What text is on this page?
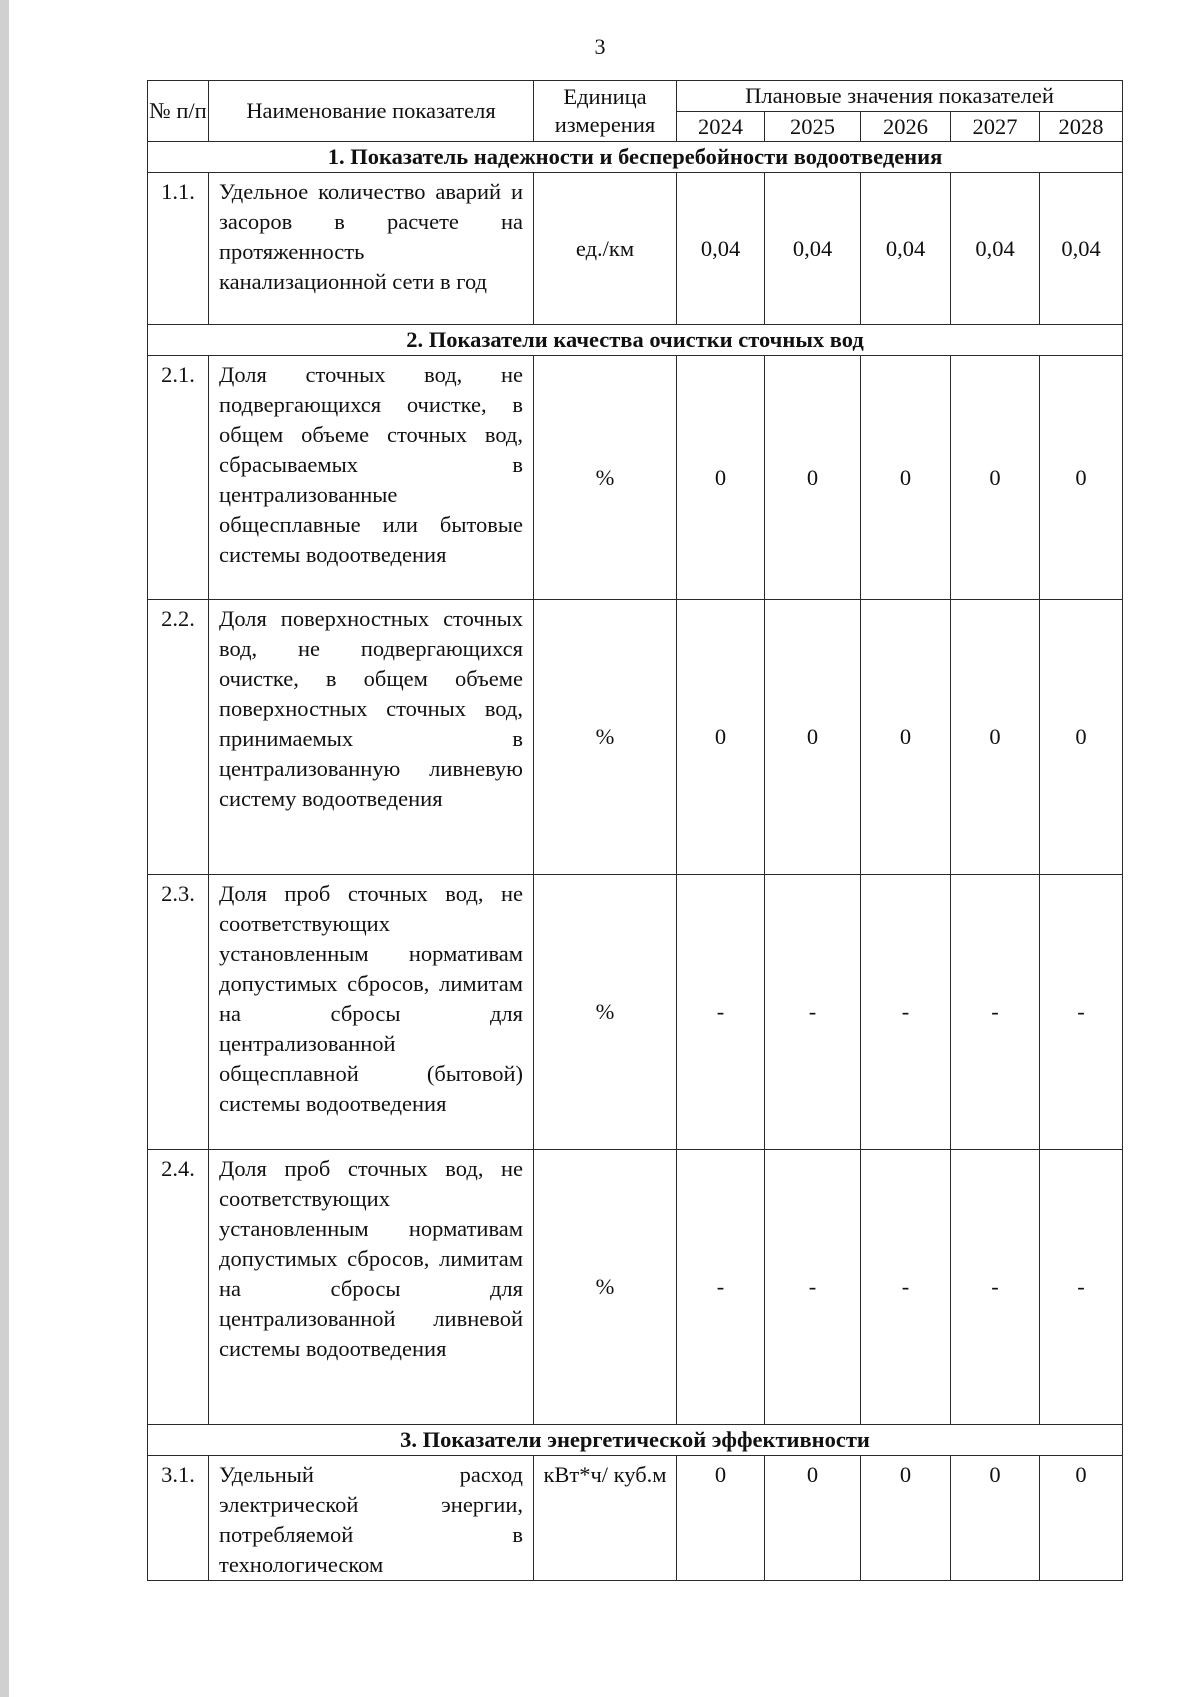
3
№ п/п	Наименование показателя	Единица измерения	Плановые значения показателей				
			2024	2025	2026	2027	2028
1. Показатель надежности и бесперебойности водоотведения							
1.1.	Удельное количество аварий и засоров в расчете на протяженность канализационной сети в год	ед./км	0,04	0,04	0,04	0,04	0,04
2. Показатели качества очистки сточных вод							
2.1.	Доля сточных вод, не подвергающихся очистке, в общем объеме сточных вод, сбрасываемых в централизованные общесплавные или бытовые системы водоотведения	%	0	0	0	0	0
2.2.	Доля поверхностных сточных вод, не подвергающихся очистке, в общем объеме поверхностных сточных вод, принимаемых в централизованную ливневую систему водоотведения	%	0	0	0	0	0
2.3.	Доля проб сточных вод, не соответствующих установленным нормативам допустимых сбросов, лимитам на сбросы для централизованной общесплавной (бытовой) системы водоотведения	%	-	-	-	-	-
2.4.	Доля проб сточных вод, не соответствующих установленным нормативам допустимых сбросов, лимитам на сбросы для централизованной ливневой системы водоотведения	%	-	-	-	-	-
3. Показатели энергетической эффективности							
3.1.	Удельный расход электрической энергии, потребляемой в технологическом	кВт*ч/ куб.м	0	0	0	0	0
